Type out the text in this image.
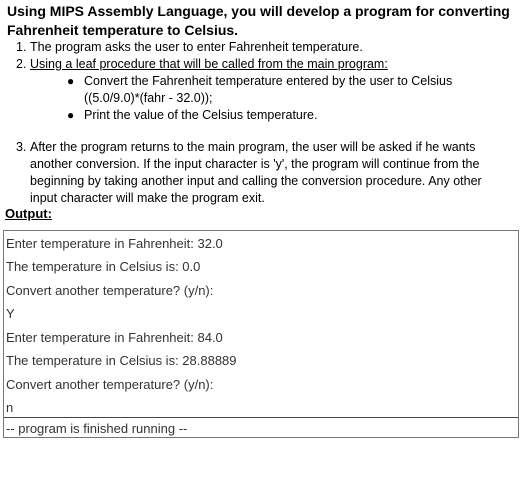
Using MIPS Assembly Language, you will develop a program for converting Fahrenheit temperature to Celsius.
1. The program asks the user to enter Fahrenheit temperature.
2. Using a leaf procedure that will be called from the main program:
● Convert the Fahrenheit temperature entered by the user to Celsius
((5.0/9.0)*(fahr - 32.0));
● Print the value of the Celsius temperature.
3. After the program returns to the main program, the user will be asked if he wants another conversion. If the input character is 'y', the program will continue from the beginning by taking another input and calling the conversion procedure. Any other input character will make the program exit.
Output:
Enter temperature in Fahrenheit: 32.0
The temperature in Celsius is: 0.0
Convert another temperature? (y/n):
Y
Enter temperature in Fahrenheit: 84.0
The temperature in Celsius is: 28.88889
Convert another temperature? (y/n):
n
-- program is finished running --
